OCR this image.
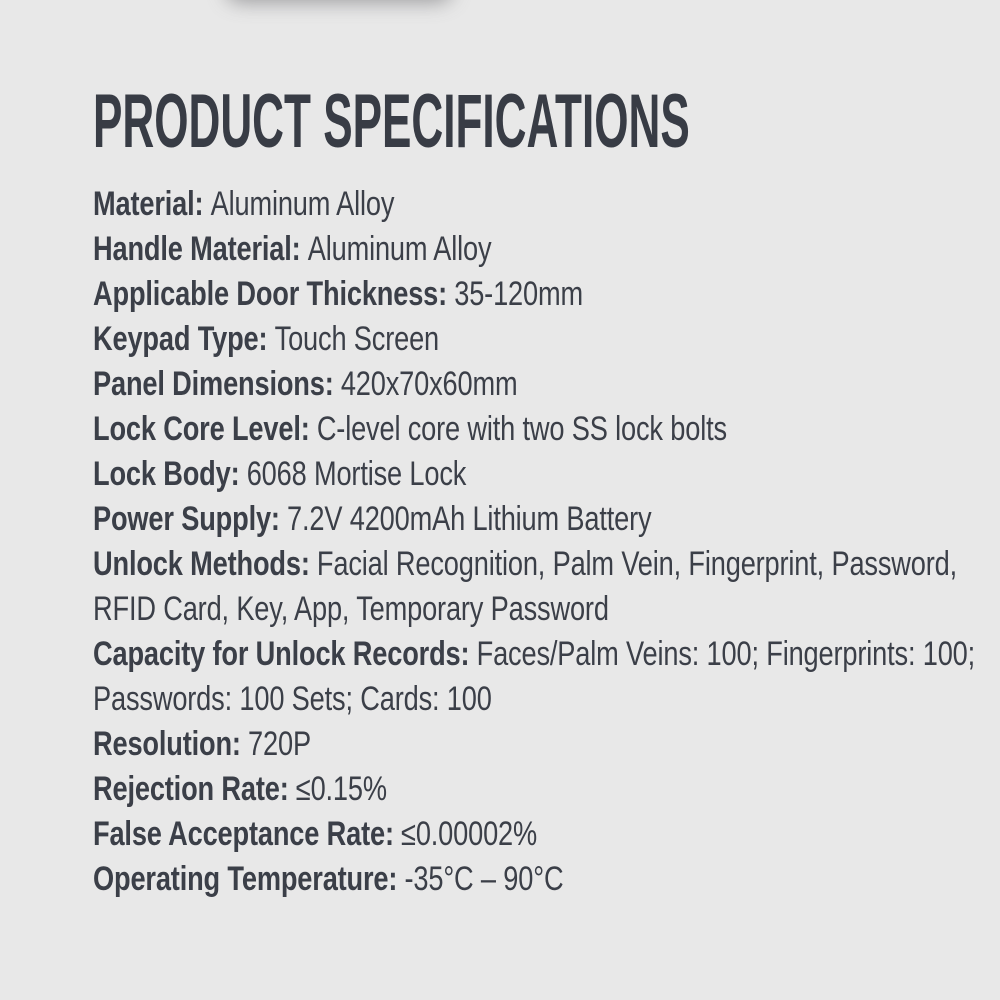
PRODUCT SPECIFICATIONS
Material: Aluminum Alloy
Handle Material: Aluminum Alloy
Applicable Door Thickness: 35-120mm
Keypad Type: Touch Screen
Panel Dimensions: 420x70x60mm
Lock Core Level: C-level core with two SS lock bolts
Lock Body: 6068 Mortise Lock
Power Supply: 7.2V 4200mAh Lithium Battery
Unlock Methods: Facial Recognition, Palm Vein, Fingerprint, Password, RFID Card, Key, App, Temporary Password
Capacity for Unlock Records: Faces/Palm Veins: 100; Fingerprints: 100; Passwords: 100 Sets; Cards: 100
Resolution: 720P
Rejection Rate: ≤0.15%
False Acceptance Rate: ≤0.00002%
Operating Temperature: -35°C – 90°C
